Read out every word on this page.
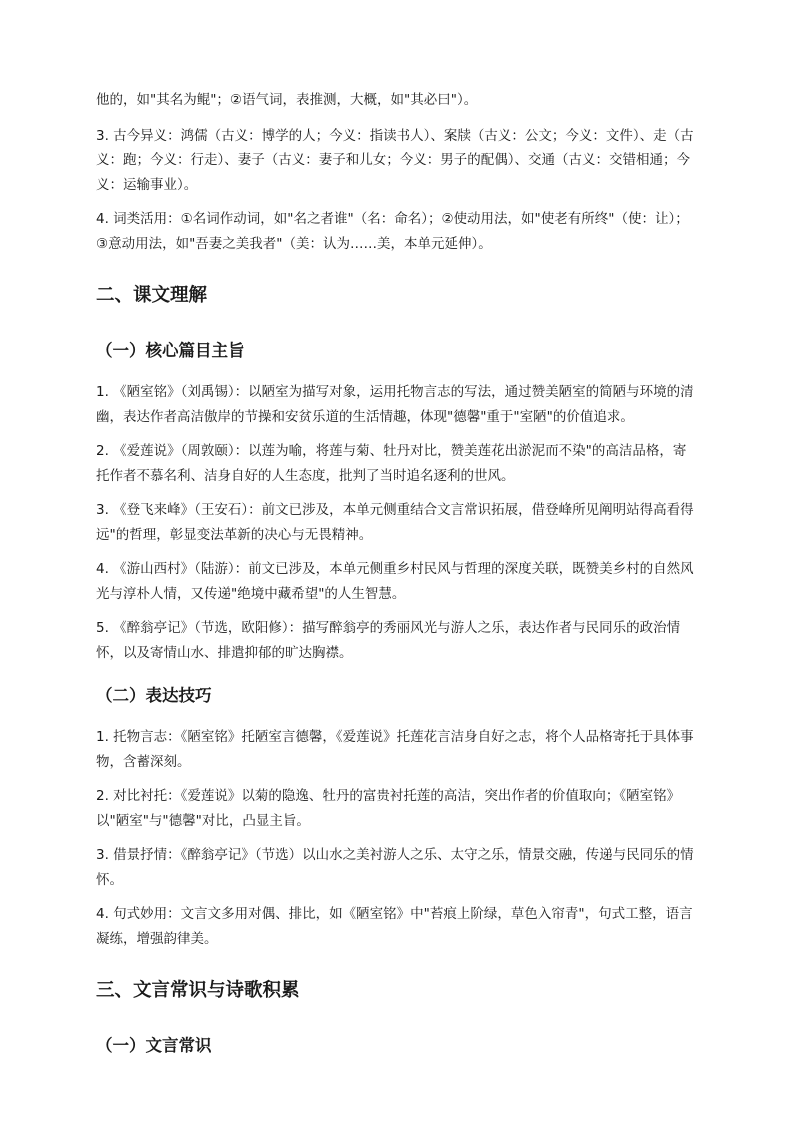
他的，如"其名为鲲"；②语气词，表推测，大概，如"其必曰"）。

3. 古今异义：鸿儒（古义：博学的人；今义：指读书人）、案牍（古义：公文；今义：文件）、走（古义：跑；今义：行走）、妻子（古义：妻子和儿女；今义：男子的配偶）、交通（古义：交错相通；今义：运输事业）。

4. 词类活用：①名词作动词，如"名之者谁"（名：命名）；②使动用法，如"使老有所终"（使：让）；③意动用法，如"吾妻之美我者"（美：认为……美，本单元延伸）。

二、课文理解
（一）核心篇目主旨

1. 《陋室铭》（刘禹锡）：以陋室为描写对象，运用托物言志的写法，通过赞美陋室的简陋与环境的清幽，表达作者高洁傲岸的节操和安贫乐道的生活情趣，体现"德馨"重于"室陋"的价值追求。

2. 《爱莲说》（周敦颐）：以莲为喻，将莲与菊、牡丹对比，赞美莲花出淤泥而不染"的高洁品格，寄托作者不慕名利、洁身自好的人生态度，批判了当时追名逐利的世风。

3. 《登飞来峰》（王安石）：前文已涉及，本单元侧重结合文言常识拓展，借登峰所见阐明站得高看得远"的哲理，彰显变法革新的决心与无畏精神。

4. 《游山西村》（陆游）：前文已涉及，本单元侧重乡村民风与哲理的深度关联，既赞美乡村的自然风光与淳朴人情，又传递"绝境中藏希望"的人生智慧。

5. 《醉翁亭记》（节选，欧阳修）：描写醉翁亭的秀丽风光与游人之乐，表达作者与民同乐的政治情怀，以及寄情山水、排遣抑郁的旷达胸襟。

（二）表达技巧

1. 托物言志：《陋室铭》托陋室言德馨，《爱莲说》托莲花言洁身自好之志，将个人品格寄托于具体事物，含蓄深刻。

2. 对比衬托：《爱莲说》以菊的隐逸、牡丹的富贵衬托莲的高洁，突出作者的价值取向；《陋室铭》以"陋室"与"德馨"对比，凸显主旨。

3. 借景抒情：《醉翁亭记》（节选）以山水之美衬游人之乐、太守之乐，情景交融，传递与民同乐的情怀。

4. 句式妙用：文言文多用对偶、排比，如《陋室铭》中"苔痕上阶绿，草色入帘青"，句式工整，语言凝练，增强韵律美。

三、文言常识与诗歌积累
（一）文言常识
